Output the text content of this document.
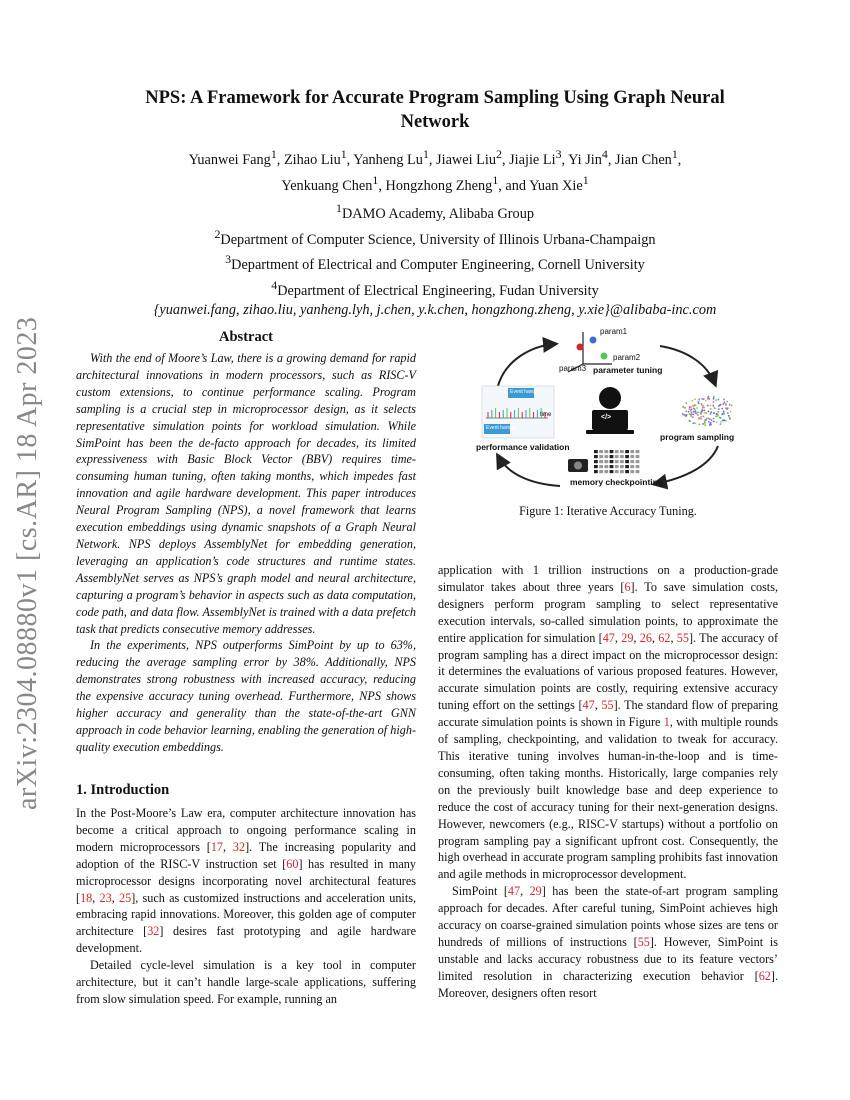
arXiv:2304.08880v1 [cs.AR] 18 Apr 2023
NPS: A Framework for Accurate Program Sampling Using Graph Neural
Network
Yuanwei Fang$^1$, Zihao Liu$^1$, Yanheng Lu$^1$, Jiawei Liu$^2$, Jiajie Li$^3$, Yi Jin$^4$, Jian Chen$^1$,
Yenkuang Chen$^1$, Hongzhong Zheng$^1$, and Yuan Xie$^1$
$^1$DAMO Academy, Alibaba Group
$^2$Department of Computer Science, University of Illinois Urbana-Champaign
$^3$Department of Electrical and Computer Engineering, Cornell University
$^4$Department of Electrical Engineering, Fudan University
{yuanwei.fang, zihao.liu, yanheng.lyh, j.chen, y.k.chen, hongzhong.zheng, y.xie}@alibaba-inc.com
Abstract

With the end of Moore’s Law, there is a growing demand for rapid architectural innovations in modern processors, such as RISC-V custom extensions, to continue performance scaling. Program sampling is a crucial step in microprocessor design, as it selects representative simulation points for workload simulation. While SimPoint has been the de-facto approach for decades, its limited expressiveness with Basic Block Vector (BBV) requires time-consuming human tuning, often taking months, which impedes fast innovation and agile hardware development. This paper introduces Neural Program Sampling (NPS), a novel framework that learns execution embeddings using dynamic snapshots of a Graph Neural Network. NPS deploys AssemblyNet for embedding generation, leveraging an application’s code structures and runtime states. AssemblyNet serves as NPS’s graph model and neural architecture, capturing a program’s behavior in aspects such as data computation, code path, and data flow. AssemblyNet is trained with a data prefetch task that predicts consecutive memory addresses.

In the experiments, NPS outperforms SimPoint by up to 63%, reducing the average sampling error by 38%. Additionally, NPS demonstrates strong robustness with increased accuracy, reducing the expensive accuracy tuning overhead. Furthermore, NPS shows higher accuracy and generality than the state-of-the-art GNN approach in code behavior learning, enabling the generation of high-quality execution embeddings.

1. Introduction

In the Post-Moore’s Law era, computer architecture innovation has become a critical approach to ongoing performance scaling in modern microprocessors [17, 32]. The increasing popularity and adoption of the RISC-V instruction set [60] has resulted in many microprocessor designs incorporating novel architectural features [18, 23, 25], such as customized instructions and acceleration units, embracing rapid innovations. Moreover, this golden age of computer architecture [32] desires fast prototyping and agile hardware development.

Detailed cycle-level simulation is a key tool in computer architecture, but it can’t handle large-scale applications, suffering from slow simulation speed. For example, running an

param1
param2
param3 parameter tuning
program sampling
memory checkpointing
performance validation
Event handler
Event handler
time	</>
Figure 1: Iterative Accuracy Tuning.

application with 1 trillion instructions on a production-grade simulator takes about three years [6]. To save simulation costs, designers perform program sampling to select representative execution intervals, so-called simulation points, to approximate the entire application for simulation [47, 29, 26, 62, 55]. The accuracy of program sampling has a direct impact on the microprocessor design: it determines the evaluations of various proposed features. However, accurate simulation points are costly, requiring extensive accuracy tuning effort on the settings [47, 55]. The standard flow of preparing accurate simulation points is shown in Figure 1, with multiple rounds of sampling, checkpointing, and validation to tweak for accuracy. This iterative tuning involves human-in-the-loop and is time-consuming, often taking months. Historically, large companies rely on the previously built knowledge base and deep experience to reduce the cost of accuracy tuning for their next-generation designs. However, newcomers (e.g., RISC-V startups) without a portfolio on program sampling pay a significant upfront cost. Consequently, the high overhead in accurate program sampling prohibits fast innovation and agile methods in microprocessor development.

SimPoint [47, 29] has been the state-of-art program sampling approach for decades. After careful tuning, SimPoint achieves high accuracy on coarse-grained simulation points whose sizes are tens or hundreds of millions of instructions [55]. However, SimPoint is unstable and lacks accuracy robustness due to its feature vectors’ limited resolution in characterizing execution behavior [62]. Moreover, designers often resort
